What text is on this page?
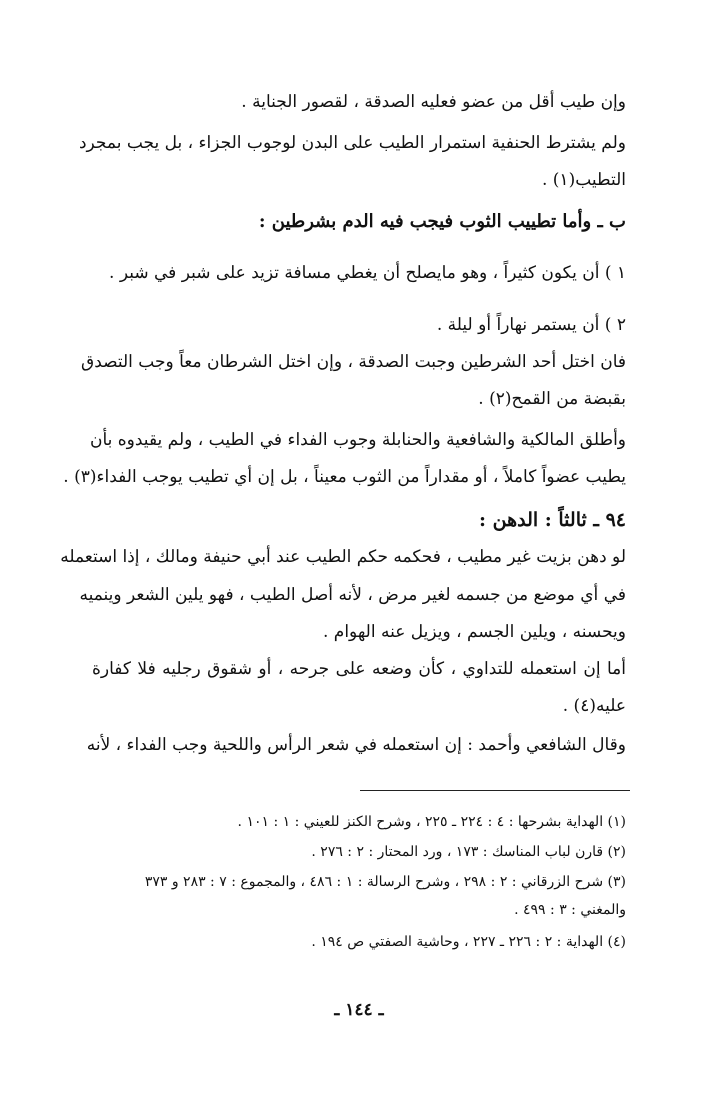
وإن طيب أقل من عضو فعليه الصدقة ، لقصور الجناية .
ولم يشترط الحنفية استمرار الطيب على البدن لوجوب الجزاء ، بل يجب بمجرد
التطيب(١) .
ب ـ وأما تطييب الثوب فيجب فيه الدم بشرطين :
١ ) أن يكون كثيراً ، وهو مايصلح أن يغطي مسافة تزيد على شبر في شبر .
٢ ) أن يستمر نهاراً أو ليلة .
فان اختل أحد الشرطين وجبت الصدقة ، وإن اختل الشرطان معاً وجب التصدق
بقبضة من القمح(٢) .
وأطلق المالكية والشافعية والحنابلة وجوب الفداء في الطيب ، ولم يقيدوه بأن
يطيب عضواً كاملاً ، أو مقداراً من الثوب معيناً ، بل إن أي تطيب يوجب الفداء(٣) .
٩٤ ـ ثالثاً : الدهن :
لو دهن بزيت غير مطيب ، فحكمه حكم الطيب عند أبي حنيفة ومالك ، إذا استعمله
في أي موضع من جسمه لغير مرض ، لأنه أصل الطيب ، فهو يلين الشعر وينميه
ويحسنه ، ويلين الجسم ، ويزيل عنه الهوام .
أما إن استعمله للتداوي ، كأن وضعه على جرحه ، أو شقوق رجليه فلا كفارة
عليه(٤) .
وقال الشافعي وأحمد : إن استعمله في شعر الرأس واللحية وجب الفداء ، لأنه
(١) الهداية بشرحها : ٤ : ٢٢٤ ـ ٢٢٥ ، وشرح الكنز للعيني : ١ : ١٠١ .
(٢) قارن لباب المناسك : ١٧٣ ، ورد المحتار : ٢ : ٢٧٦ .
(٣) شرح الزرقاني : ٢ : ٢٩٨ ، وشرح الرسالة : ١ : ٤٨٦ ، والمجموع : ٧ : ٢٨٣ و ٣٧٣
والمغني : ٣ : ٤٩٩ .
(٤) الهداية : ٢ : ٢٢٦ ـ ٢٢٧ ، وحاشية الصفتي ص ١٩٤ .
ـ ١٤٤ ـ
